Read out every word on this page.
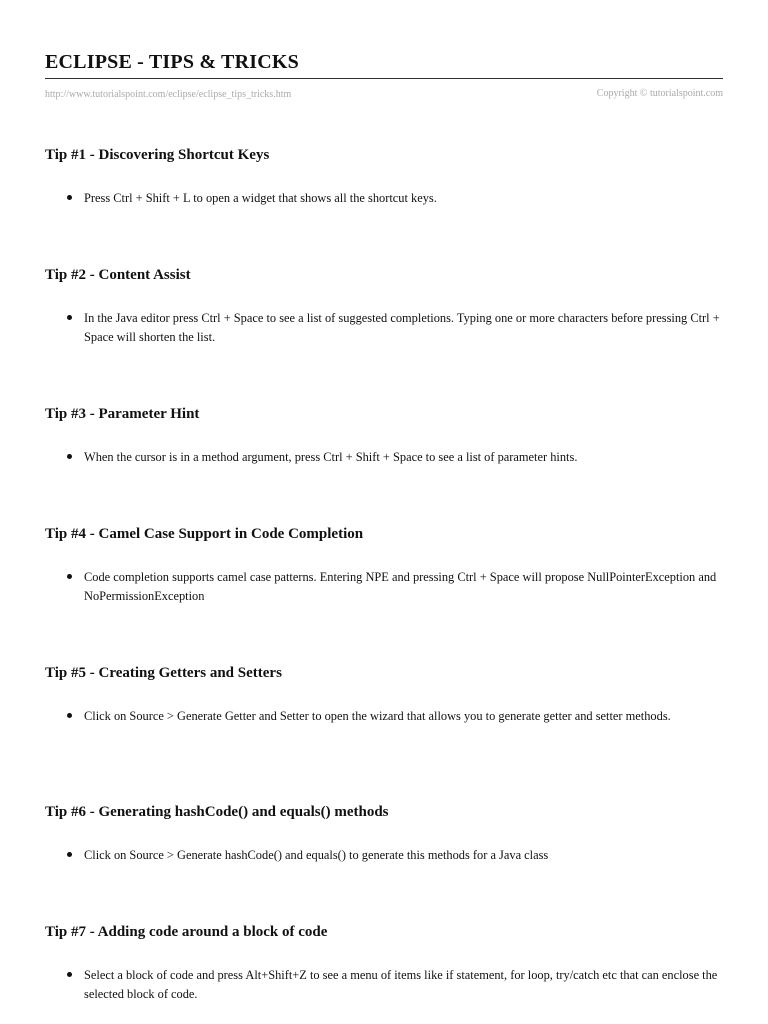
ECLIPSE - TIPS & TRICKS
http://www.tutorialspoint.com/eclipse/eclipse_tips_tricks.htm	Copyright © tutorialspoint.com
Tip #1 - Discovering Shortcut Keys
Press Ctrl + Shift + L to open a widget that shows all the shortcut keys.
Tip #2 - Content Assist
In the Java editor press Ctrl + Space to see a list of suggested completions. Typing one or more characters before pressing Ctrl + Space will shorten the list.
Tip #3 - Parameter Hint
When the cursor is in a method argument, press Ctrl + Shift + Space to see a list of parameter hints.
Tip #4 - Camel Case Support in Code Completion
Code completion supports camel case patterns. Entering NPE and pressing Ctrl + Space will propose NullPointerException and NoPermissionException
Tip #5 - Creating Getters and Setters
Click on Source > Generate Getter and Setter to open the wizard that allows you to generate getter and setter methods.
Tip #6 - Generating hashCode() and equals() methods
Click on Source > Generate hashCode() and equals() to generate this methods for a Java class
Tip #7 - Adding code around a block of code
Select a block of code and press Alt+Shift+Z to see a menu of items like if statement, for loop, try/catch etc that can enclose the selected block of code.
